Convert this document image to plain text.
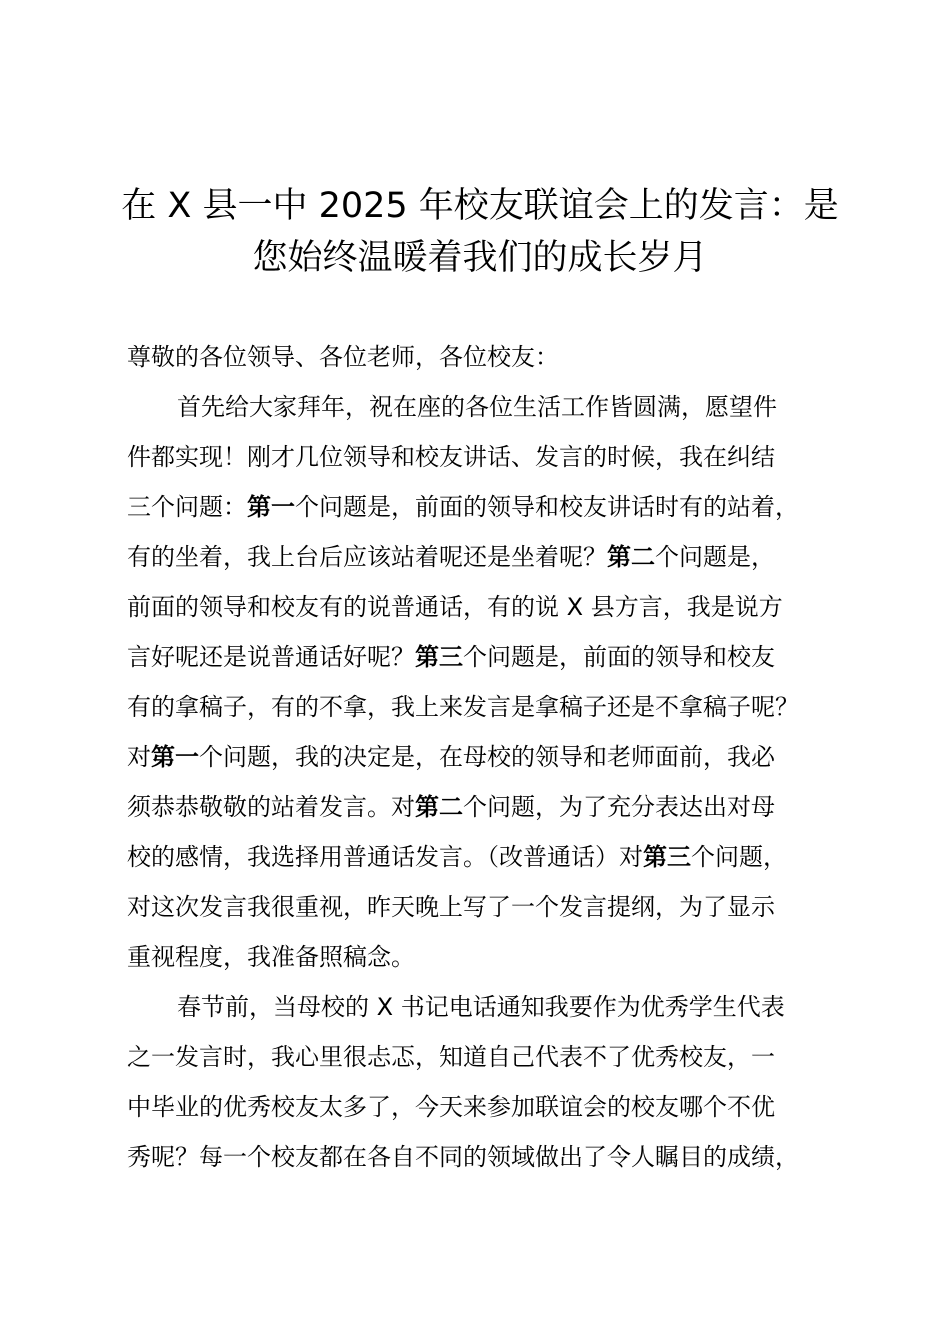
在 X 县一中 2025 年校友联谊会上的发言：是
您始终温暖着我们的成长岁月
尊敬的各位领导、各位老师，各位校友：
首先给大家拜年，祝在座的各位生活工作皆圆满，愿望件
件都实现！刚才几位领导和校友讲话、发言的时候，我在纠结
三个问题：第一个问题是，前面的领导和校友讲话时有的站着，
有的坐着，我上台后应该站着呢还是坐着呢？第二个问题是，
前面的领导和校友有的说普通话，有的说 X 县方言，我是说方
言好呢还是说普通话好呢？第三个问题是，前面的领导和校友
有的拿稿子，有的不拿，我上来发言是拿稿子还是不拿稿子呢？
对第一个问题，我的决定是，在母校的领导和老师面前，我必
须恭恭敬敬的站着发言。对第二个问题，为了充分表达出对母
校的感情，我选择用普通话发言。（改普通话）对第三个问题，
对这次发言我很重视，昨天晚上写了一个发言提纲，为了显示
重视程度，我准备照稿念。
春节前，当母校的 X 书记电话通知我要作为优秀学生代表
之一发言时，我心里很忐忑，知道自己代表不了优秀校友，一
中毕业的优秀校友太多了，今天来参加联谊会的校友哪个不优
秀呢？每一个校友都在各自不同的领域做出了令人瞩目的成绩，
